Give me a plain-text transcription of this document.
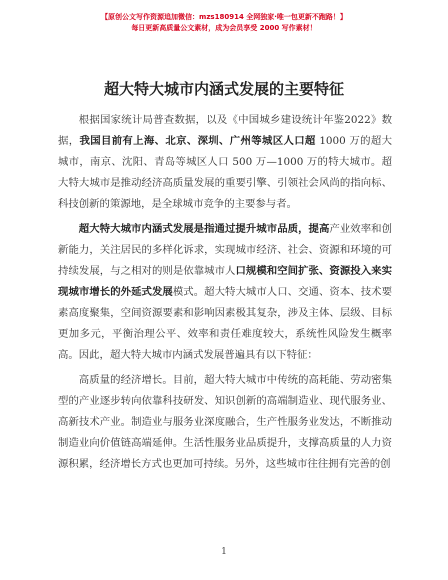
【原创公文写作资源追加微信：mzs180914 全网独家·唯一包更新不跑路！】
每日更新高质量公文素材，成为会员享受 2000 写作素材！
超大特大城市内涵式发展的主要特征

根据国家统计局普查数据，以及《中国城乡建设统计年鉴2022》数据，我国目前有上海、北京、深圳、广州等城区人口超 1000 万的超大城市，南京、沈阳、青岛等城区人口 500 万—1000 万的特大城市。超大特大城市是推动经济高质量发展的重要引擎、引领社会风尚的指向标、科技创新的策源地，是全球城市竞争的主要参与者。

超大特大城市内涵式发展是指通过提升城市品质，提高产业效率和创新能力，关注居民的多样化诉求，实现城市经济、社会、资源和环境的可持续发展，与之相对的则是依靠城市人口规模和空间扩张、资源投入来实现城市增长的外延式发展模式。超大特大城市人口、交通、资本、技术要素高度聚集，空间资源要素和影响因素极其复杂，涉及主体、层级、目标更加多元，平衡治理公平、效率和责任难度较大，系统性风险发生概率高。因此，超大特大城市内涵式发展普遍具有以下特征：

高质量的经济增长。目前，超大特大城市中传统的高耗能、劳动密集型的产业逐步转向依靠科技研发、知识创新的高端制造业、现代服务业、高新技术产业。制造业与服务业深度融合，生产性服务业发达，不断推动制造业向价值链高端延伸。生活性服务业品质提升，支撑高质量的人力资源积累，经济增长方式也更加可持续。另外，这些城市往往拥有完善的创

1
